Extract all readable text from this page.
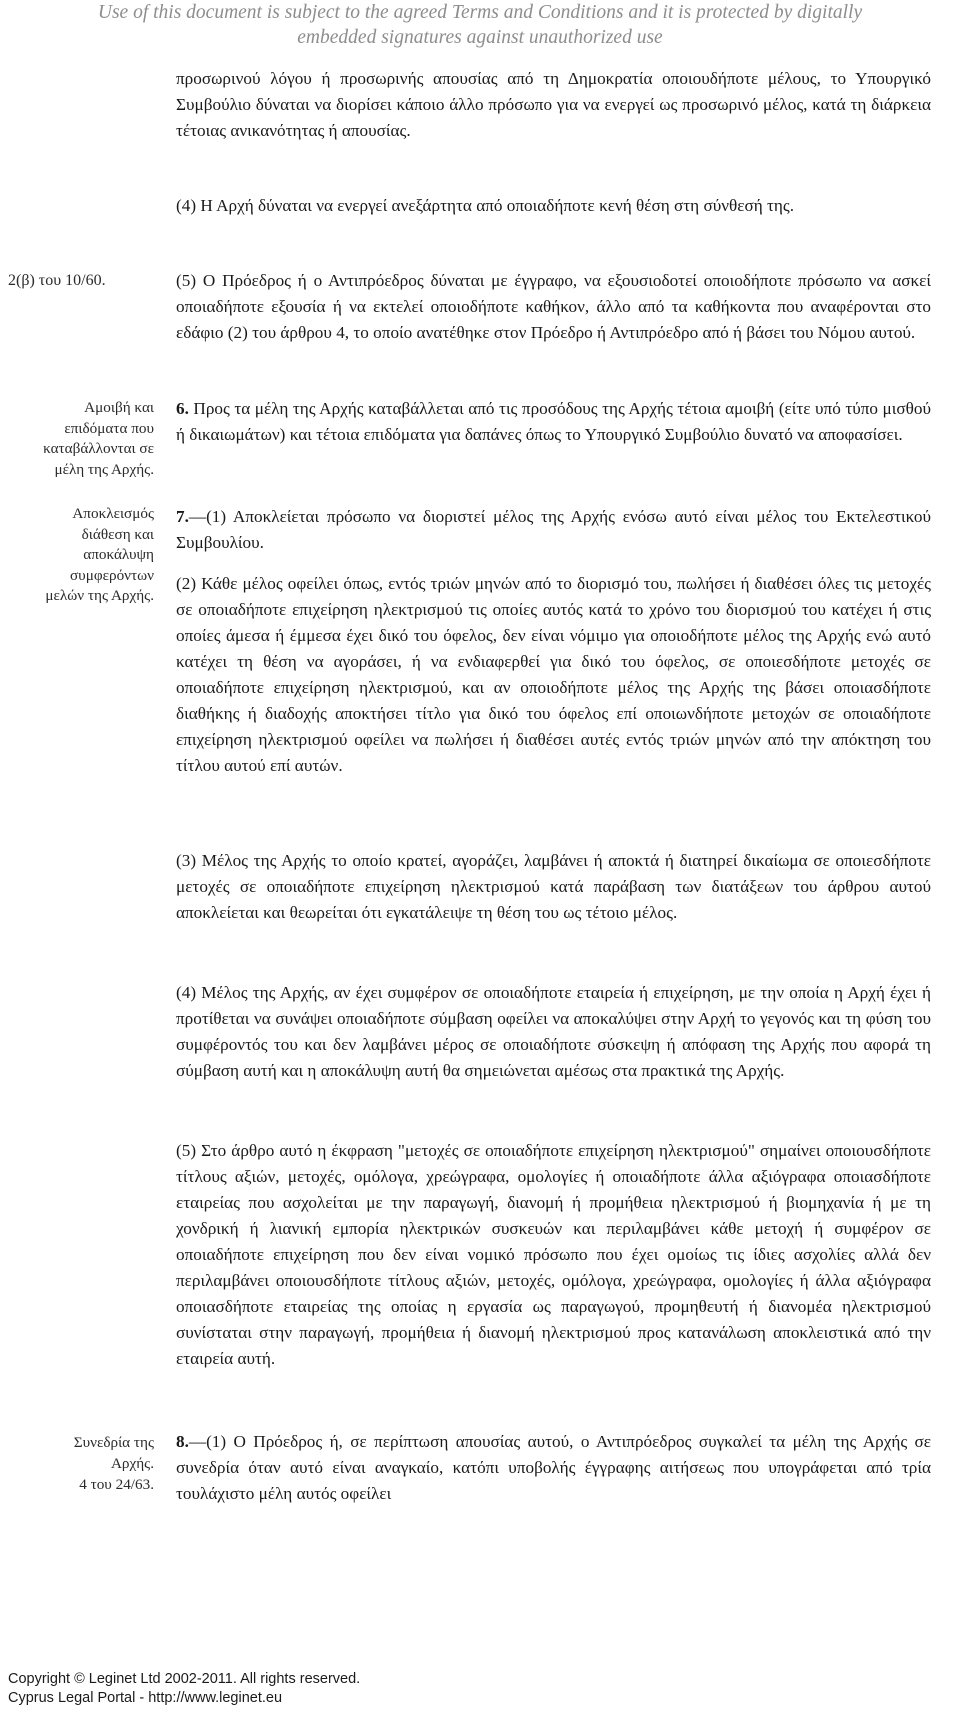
Use of this document is subject to the agreed Terms and Conditions and it is protected by digitally
embedded signatures against unauthorized use
προσωρινού λόγου ή προσωρινής απουσίας από τη Δημοκρατία οποιουδήποτε μέλους, το Υπουργικό Συμβούλιο δύναται να διορίσει κάποιο άλλο πρόσωπο για να ενεργεί ως προσωρινό μέλος, κατά τη διάρκεια τέτοιας ανικανότητας ή απουσίας.
(4) Η Αρχή δύναται να ενεργεί ανεξάρτητα από οποιαδήποτε κενή θέση στη σύνθεσή της.
(5) Ο Πρόεδρος ή ο Αντιπρόεδρος δύναται με έγγραφο, να εξουσιοδοτεί οποιοδήποτε πρόσωπο να ασκεί οποιαδήποτε εξουσία ή να εκτελεί οποιοδήποτε καθήκον, άλλο από τα καθήκοντα που αναφέρονται στο εδάφιο (2) του άρθρου 4, το οποίο ανατέθηκε στον Πρόεδρο ή Αντιπρόεδρο από ή βάσει του Νόμου αυτού.
6. Προς τα μέλη της Αρχής καταβάλλεται από τις προσόδους της Αρχής τέτοια αμοιβή (είτε υπό τύπο μισθού ή δικαιωμάτων) και τέτοια επιδόματα για δαπάνες όπως το Υπουργικό Συμβούλιο δυνατό να αποφασίσει.
7.—(1) Αποκλείεται πρόσωπο να διοριστεί μέλος της Αρχής ενόσω αυτό είναι μέλος του Εκτελεστικού Συμβουλίου.
(2) Κάθε μέλος οφείλει όπως, εντός τριών μηνών από το διορισμό του, πωλήσει ή διαθέσει όλες τις μετοχές σε οποιαδήποτε επιχείρηση ηλεκτρισμού τις οποίες αυτός κατά το χρόνο του διορισμού του κατέχει ή στις οποίες άμεσα ή έμμεσα έχει δικό του όφελος, δεν είναι νόμιμο για οποιοδήποτε μέλος της Αρχής ενώ αυτό κατέχει τη θέση να αγοράσει, ή να ενδιαφερθεί για δικό του όφελος, σε οποιεσδήποτε μετοχές σε οποιαδήποτε επιχείρηση ηλεκτρισμού, και αν οποιοδήποτε μέλος της Αρχής της βάσει οποιασδήποτε διαθήκης ή διαδοχής αποκτήσει τίτλο για δικό του όφελος επί οποιωνδήποτε μετοχών σε οποιαδήποτε επιχείρηση ηλεκτρισμού οφείλει να πωλήσει ή διαθέσει αυτές εντός τριών μηνών από την απόκτηση του τίτλου αυτού επί αυτών.
(3) Μέλος της Αρχής το οποίο κρατεί, αγοράζει, λαμβάνει ή αποκτά ή διατηρεί δικαίωμα σε οποιεσδήποτε μετοχές σε οποιαδήποτε επιχείρηση ηλεκτρισμού κατά παράβαση των διατάξεων του άρθρου αυτού αποκλείεται και θεωρείται ότι εγκατάλειψε τη θέση του ως τέτοιο μέλος.
(4) Μέλος της Αρχής, αν έχει συμφέρον σε οποιαδήποτε εταιρεία ή επιχείρηση, με την οποία η Αρχή έχει ή προτίθεται να συνάψει οποιαδήποτε σύμβαση οφείλει να αποκαλύψει στην Αρχή το γεγονός και τη φύση του συμφέροντός του και δεν λαμβάνει μέρος σε οποιαδήποτε σύσκεψη ή απόφαση της Αρχής που αφορά τη σύμβαση αυτή και η αποκάλυψη αυτή θα σημειώνεται αμέσως στα πρακτικά της Αρχής.
(5) Στο άρθρο αυτό η έκφραση "μετοχές σε οποιαδήποτε επιχείρηση ηλεκτρισμού" σημαίνει οποιουσδήποτε τίτλους αξιών, μετοχές, ομόλογα, χρεώγραφα, ομολογίες ή οποιαδήποτε άλλα αξιόγραφα οποιασδήποτε εταιρείας που ασχολείται με την παραγωγή, διανομή ή προμήθεια ηλεκτρισμού ή βιομηχανία ή με τη χονδρική ή λιανική εμπορία ηλεκτρικών συσκευών και περιλαμβάνει κάθε μετοχή ή συμφέρον σε οποιαδήποτε επιχείρηση που δεν είναι νομικό πρόσωπο που έχει ομοίως τις ίδιες ασχολίες αλλά δεν περιλαμβάνει οποιουσδήποτε τίτλους αξιών, μετοχές, ομόλογα, χρεώγραφα, ομολογίες ή άλλα αξιόγραφα οποιασδήποτε εταιρείας της οποίας η εργασία ως παραγωγού, προμηθευτή ή διανομέα ηλεκτρισμού συνίσταται στην παραγωγή, προμήθεια ή διανομή ηλεκτρισμού προς κατανάλωση αποκλειστικά από την εταιρεία αυτή.
8.—(1) Ο Πρόεδρος ή, σε περίπτωση απουσίας αυτού, ο Αντιπρόεδρος συγκαλεί τα μέλη της Αρχής σε συνεδρία όταν αυτό είναι αναγκαίο, κατόπι υποβολής έγγραφης αιτήσεως που υπογράφεται από τρία τουλάχιστο μέλη αυτός οφείλει
2(β) του 10/60.
Αμοιβή και
επιδόματα που
καταβάλλονται σε
μέλη της Αρχής.
Αποκλεισμός
διάθεση και
αποκάλυψη
συμφερόντων
μελών της Αρχής.
Συνεδρία της
Αρχής.
4 του 24/63.
Copyright © Leginet Ltd 2002-2011. All rights reserved.
Cyprus Legal Portal - http://www.leginet.eu
